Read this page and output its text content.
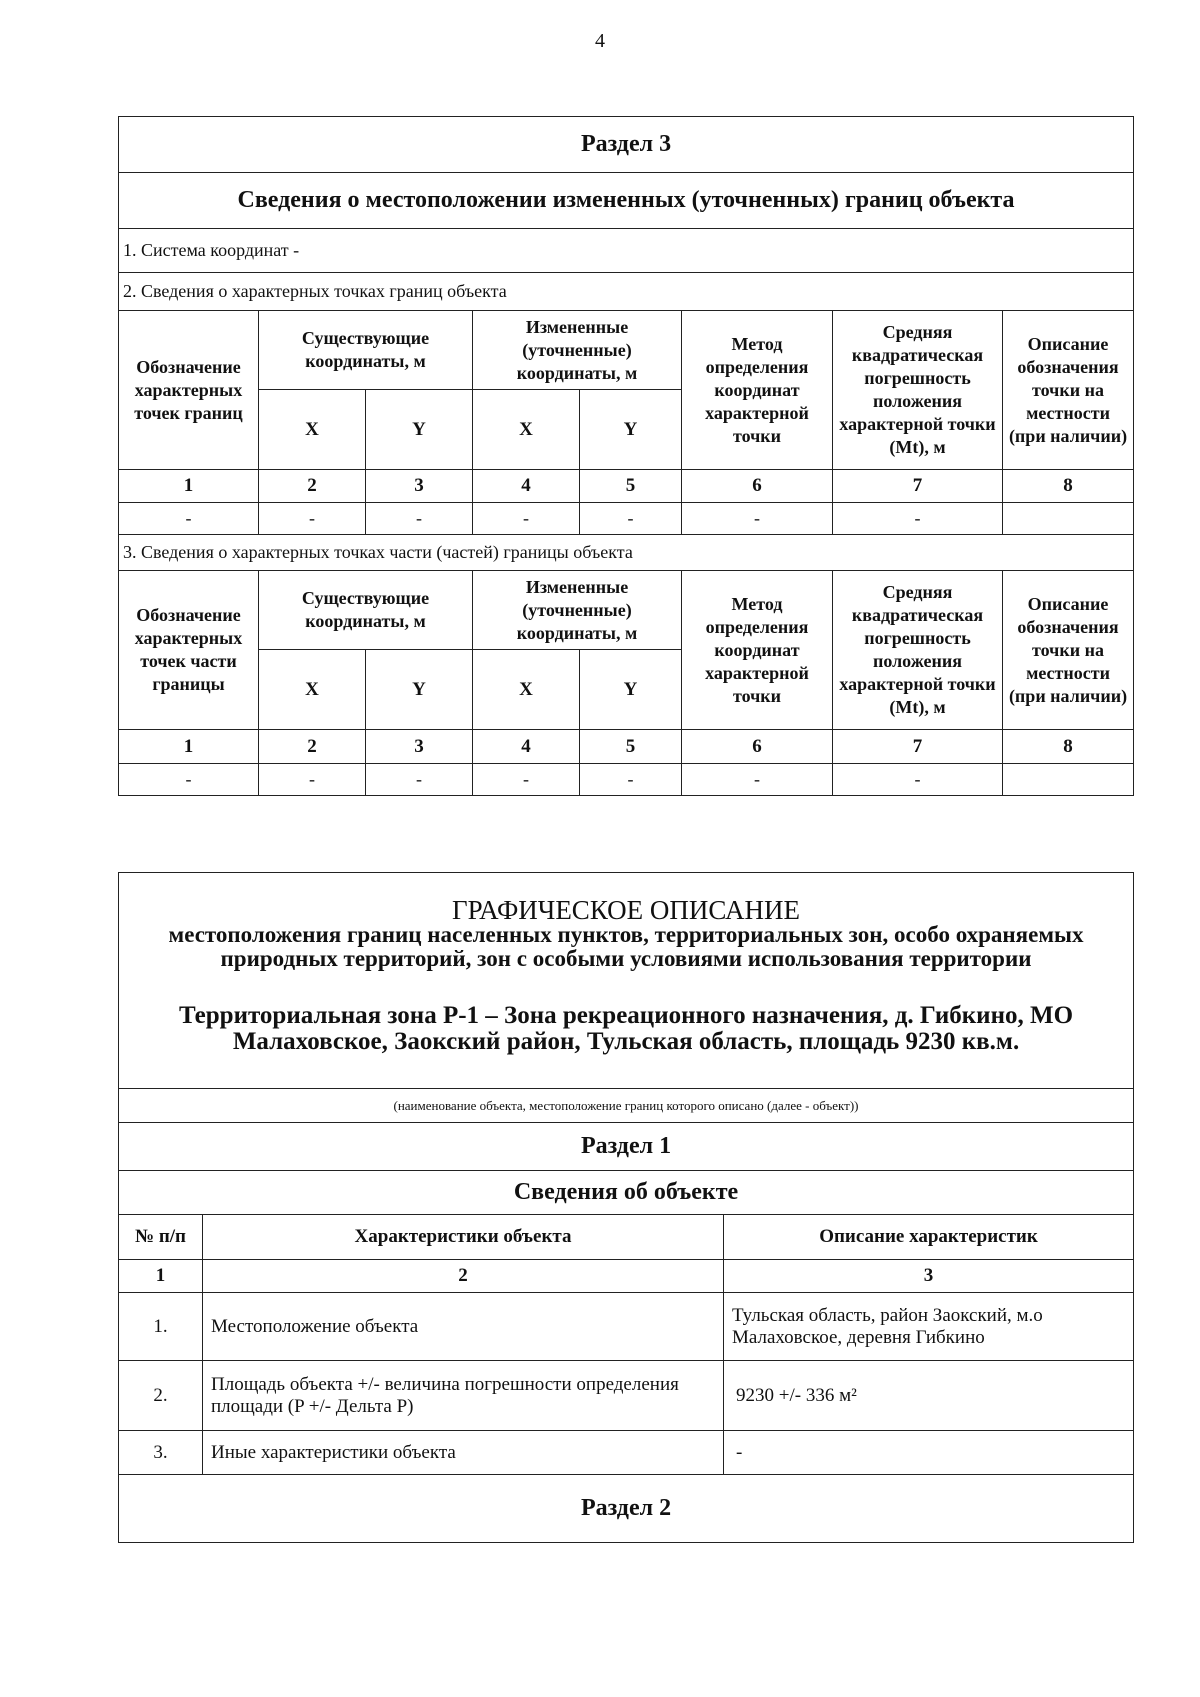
4
Раздел 3							
Сведения о местоположении измененных (уточненных) границ объекта							
1. Система координат -							
2. Сведения о характерных точках границ объекта							
Обозначение характерных точек границ	Существующие координаты, м		Измененные (уточненные) координаты, м		Метод определения координат характерной точки	Средняя квадратическая погрешность положения характерной точки (Mt), м	Описание обозначения точки на местности (при наличии)
	X	Y	X	Y			
1	2	3	4	5	6	7	8
-	-	-	-	-	-	-	
3. Сведения о характерных точках части (частей) границы объекта							
Обозначение характерных точек части границы	Существующие координаты, м		Измененные (уточненные) координаты, м		Метод определения координат характерной точки	Средняя квадратическая погрешность положения характерной точки (Mt), м	Описание обозначения точки на местности (при наличии)
	X	Y	X	Y			
1	2	3	4	5	6	7	8
-	-	-	-	-	-	-	
ГРАФИЧЕСКОЕ ОПИСАНИЕ
местоположения границ населенных пунктов, территориальных зон, особо охраняемых природных территорий, зон с особыми условиями использования территории
Территориальная зона Р-1 – Зона рекреационного назначения, д. Гибкино, МО
Малаховское, Заокский район, Тульская область, площадь 9230 кв.м.		

(наименование объекта, местоположение границ которого описано (далее - объект))		
Раздел 1		
Сведения об объекте		
№ п/п	Характеристики объекта	Описание характеристик
1	2	3
1.	Местоположение объекта	Тульская область, район Заокский, м.о Малаховское, деревня Гибкино
2.	Площадь объекта +/- величина погрешности определения площади (P +/- Дельта P)	9230 +/- 336 м²
3.	Иные характеристики объекта	-
Раздел 2		
